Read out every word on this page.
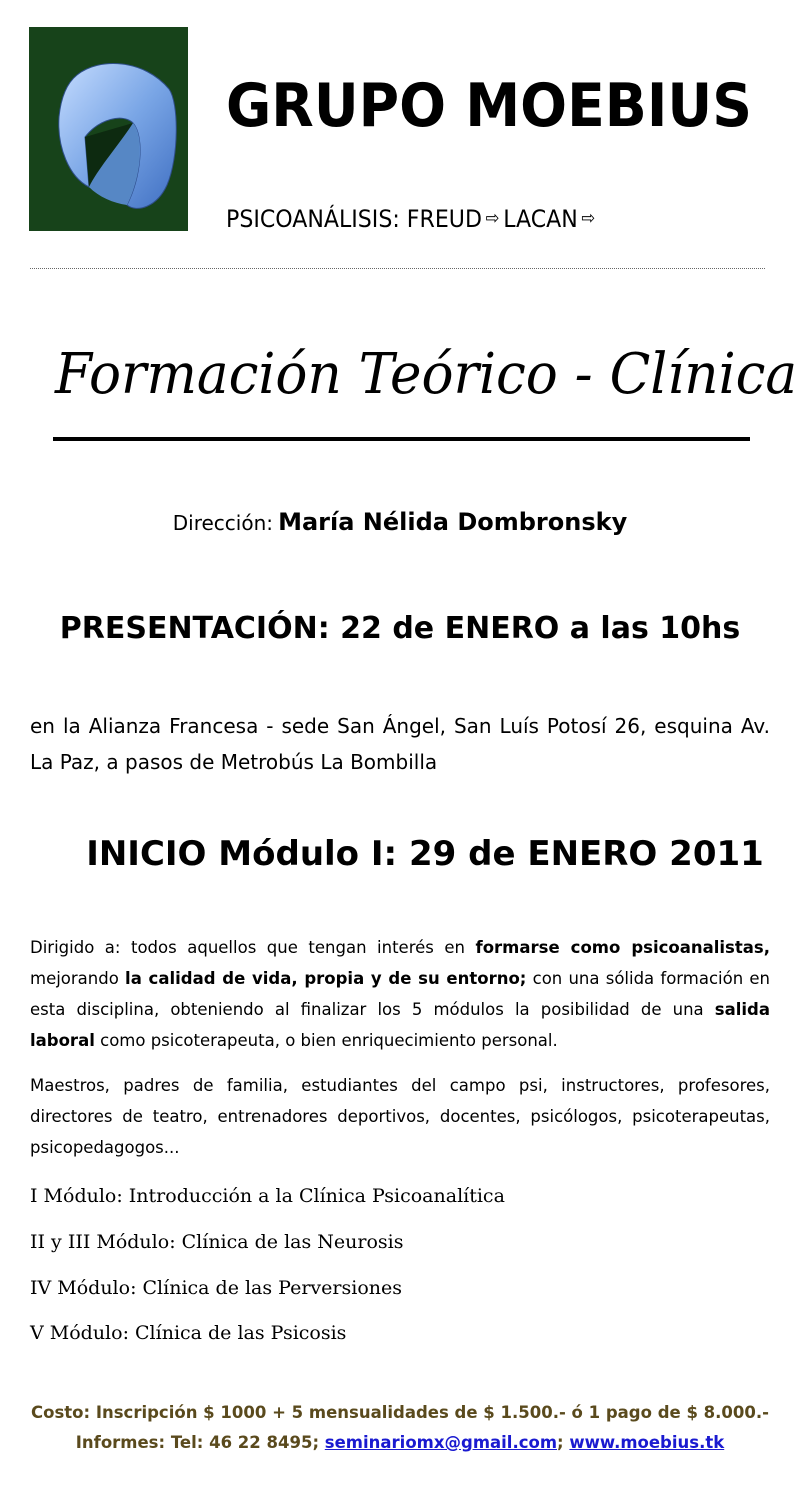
GRUPO MOEBIUS
PSICOANÁLISIS: FREUD ⇨ LACAN ⇨
Formación Teórico - Clínica
Dirección: María Nélida Dombronsky
PRESENTACIÓN: 22 de ENERO a las 10hs
en la Alianza Francesa - sede San Ángel, San Luís Potosí 26, esquina Av. La Paz, a pasos de Metrobús La Bombilla
INICIO Módulo I: 29 de ENERO 2011
Dirigido a: todos aquellos que tengan interés en formarse como psicoanalistas, mejorando la calidad de vida, propia y de su entorno; con una sólida formación en esta disciplina, obteniendo al finalizar los 5 módulos la posibilidad de una salida laboral como psicoterapeuta, o bien enriquecimiento personal.
Maestros, padres de familia, estudiantes del campo psi, instructores, profesores, directores de teatro, entrenadores deportivos, docentes, psicólogos, psicoterapeutas, psicopedagogos...
I Módulo: Introducción a la Clínica Psicoanalítica
II y III Módulo: Clínica de las Neurosis
IV Módulo: Clínica de las Perversiones
V Módulo: Clínica de las Psicosis
Costo: Inscripción $ 1000 + 5 mensualidades de $ 1.500.- ó 1 pago de $ 8.000.-
Informes: Tel: 46 22 8495; seminariomx@gmail.com; www.moebius.tk
